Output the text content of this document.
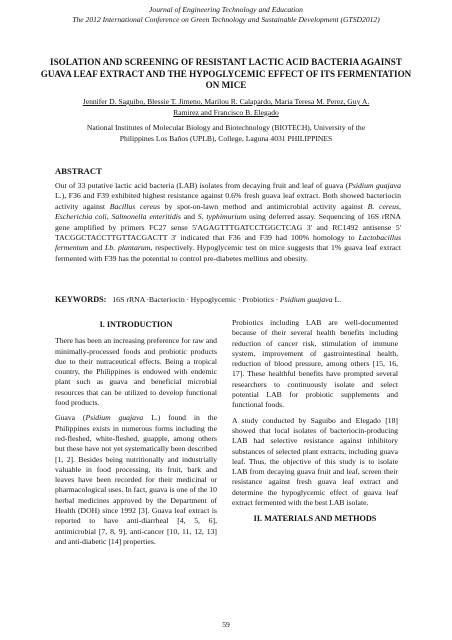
Journal of Engineering Technology and Education
The 2012 International Conference on Green Technology and Sustainable Development (GTSD2012)
ISOLATION AND SCREENING OF RESISTANT LACTIC ACID BACTERIA AGAINST GUAVA LEAF EXTRACT AND THE HYPOGLYCEMIC EFFECT OF ITS FERMENTATION ON MICE
Jennifer D. Saguibo, Blessie T. Jimeno, Marilou R. Calapardo, Maria Teresa M. Perez, Guy A.
Ramirez and Francisco B. Elegado
National Institutes of Molecular Biology and Biotechnology (BIOTECH), University of the
Philippines Los Baños (UPLB), College, Laguna 4031 PHILIPPINES
ABSTRACT
Out of 33 putative lactic acid bacteria (LAB) isolates from decaying fruit and leaf of guava (Psidium guajava L.), F36 and F39 exhibited highest resistance against 0.6% fresh guava leaf extract. Both showed bacteriocin activity against Bacillus cereus by spot-on-lawn method and antimicrobial activity against B. cereus, Escherichia coli, Salmonella enteritidis and S. typhimurium using deferred assay. Sequencing of 16S rRNA gene amplified by primers FC27 sense 5'AGAGTTTGATCCTGGCTCAG 3' and RC1492 antisense 5' TACGGCTACCTTGTTACGACTT 3' indicated that F36 and F39 had 100% homology to Lactobacillus fermentum and Lb. plantarum, respectively. Hypoglycemic test on mice suggests that 1% guava leaf extract fermented with F39 has the potential to control pre-diabetes mellitus and obesity.
KEYWORDS: 16S rRNA ∙Bacteriocin ∙ Hypoglycemic ∙ Probiotics ∙ Psidium guajava L.
I. INTRODUCTION

There has been an increasing preference for raw and minimally-processed foods and probiotic products due to their nutraceutical effects. Being a tropical country, the Philippines is endowed with endemic plant such as guava and beneficial microbial resources that can be utilized to develop functional food products.

Guava (Psidium guajava L.) found in the Philippines exists in numerous forms including the red-fleshed, white-fleshed, guapple, among others but these have not yet systematically been described [1, 2]. Besides being nutritionally and industrially valuable in food processing, its fruit, bark and leaves have been recorded for their medicinal or pharmacological uses. In fact, guava is one of the 10 herbal medicines approved by the Department of Health (DOH) since 1992 [3]. Guava leaf extract is reported to have anti-diarrheal [4, 5, 6], antimicrobial [7, 8, 9], anti-cancer [10, 11, 12, 13] and anti-diabetic [14] properties.

Probiotics including LAB are well-documented because of their several health benefits including reduction of cancer risk, stimulation of immune system, improvement of gastrointestinal health, reduction of blood pressure, among others [15, 16, 17]. These healthful benefits have prompted several researchers to continuously isolate and select potential LAB for probiotic supplements and functional foods.

A study conducted by Saguibo and Elegado [18] showed that local isolates of bacteriocin-producing LAB had selective resistance against inhibitory substances of selected plant extracts, including guava leaf. Thus, the objective of this study is to isolate LAB from decaying guava fruit and leaf, screen their resistance against fresh guava leaf extract and determine the hypoglycemic effect of guava leaf extract fermented with the best LAB isolate.

II. MATERIALS AND METHODS
59
